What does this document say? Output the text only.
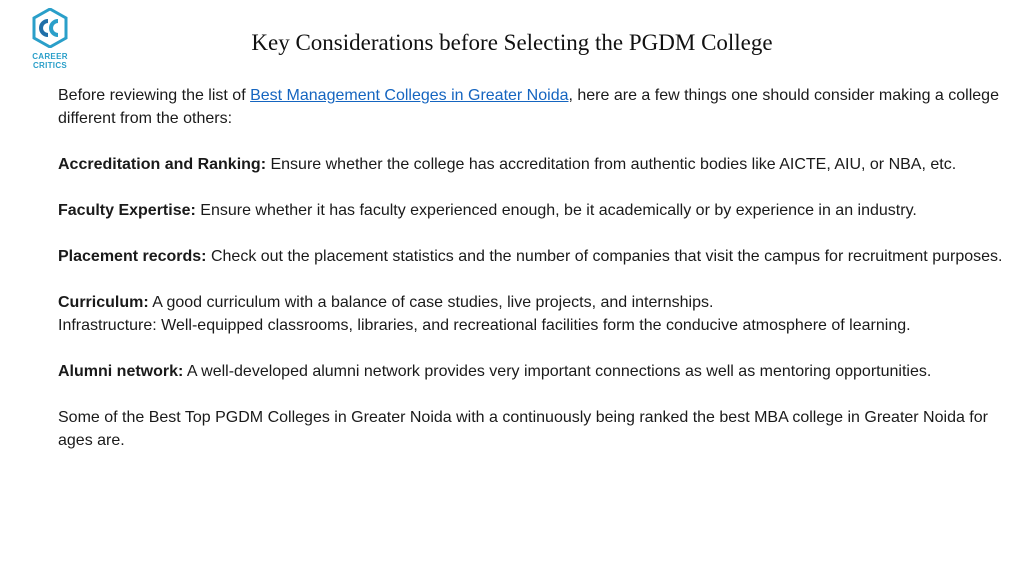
CAREER CRITICS
Key Considerations before Selecting the PGDM College

Before reviewing the list of Best Management Colleges in Greater Noida, here are a few things one should consider making a college different from the others:

Accreditation and Ranking: Ensure whether the college has accreditation from authentic bodies like AICTE, AIU, or NBA, etc.

Faculty Expertise: Ensure whether it has faculty experienced enough, be it academically or by experience in an industry.

Placement records: Check out the placement statistics and the number of companies that visit the campus for recruitment purposes.

Curriculum: A good curriculum with a balance of case studies, live projects, and internships.

Infrastructure: Well-equipped classrooms, libraries, and recreational facilities form the conducive atmosphere of learning.

Alumni network: A well-developed alumni network provides very important connections as well as mentoring opportunities.

Some of the Best Top PGDM Colleges in Greater Noida with a continuously being ranked the best MBA college in Greater Noida for ages are.
